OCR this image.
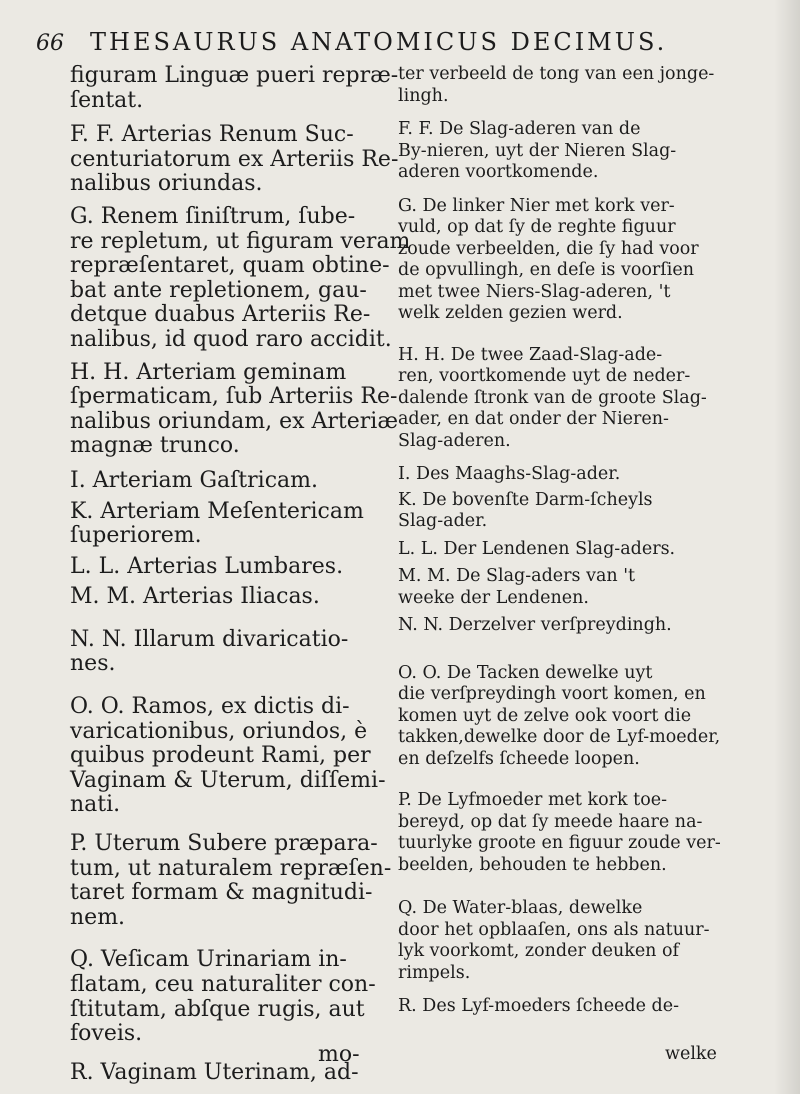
66 THESAURUS ANATOMICUS DECIMUS.
figuram Linguæ pueri repræ-
ſentat.
F. F. Arterias Renum Suc-
centuriatorum ex Arteriis Re-
nalibus oriundas.
G. Renem ſiniſtrum, ſube-
re repletum, ut figuram veram
repræſentaret, quam obtine-
bat ante repletionem, gau-
detque duabus Arteriis Re-
nalibus, id quod raro accidit.
H. H. Arteriam geminam
ſpermaticam, ſub Arteriis Re-
nalibus oriundam, ex Arteriæ
magnæ trunco.
I. Arteriam Gaſtricam.
K. Arteriam Meſentericam
ſuperiorem.
L. L. Arterias Lumbares.
M. M. Arterias Iliacas.
N. N. Illarum divaricatio-
nes.
O. O. Ramos, ex dictis di-
varicationibus, oriundos, è
quibus prodeunt Rami, per
Vaginam & Uterum, diſſemi-
nati.
P. Uterum Subere præpara-
tum, ut naturalem repræſen-
taret formam & magnitudi-
nem.
Q. Veſicam Urinariam in-
flatam, ceu naturaliter con-
ſtitutam, abſque rugis, aut
foveis.
R. Vaginam Uterinam, ad-
ter verbeeld de tong van een jonge-
lingh.
F. F. De Slag-aderen van de
By-nieren, uyt der Nieren Slag-
aderen voortkomende.
G. De linker Nier met kork ver-
vuld, op dat ſy de reghte figuur
zoude verbeelden, die ſy had voor
de opvullingh, en deſe is voorſien
met twee Niers-Slag-aderen, 't
welk zelden gezien werd.
H. H. De twee Zaad-Slag-ade-
ren, voortkomende uyt de neder-
dalende ſtronk van de groote Slag-
ader, en dat onder der Nieren-
Slag-aderen.
I. Des Maaghs-Slag-ader.
K. De bovenſte Darm-ſcheyls
Slag-ader.
L. L. Der Lendenen Slag-aders.
M. M. De Slag-aders van 't
weeke der Lendenen.
N. N. Derzelver verſpreydingh.
O. O. De Tacken dewelke uyt
die verſpreydingh voort komen, en
komen uyt de zelve ook voort die
takken,dewelke door de Lyf-moeder,
en deſzelfs ſcheede loopen.
P. De Lyfmoeder met kork toe-
bereyd, op dat ſy meede haare na-
tuurlyke groote en figuur zoude ver-
beelden, behouden te hebben.
Q. De Water-blaas, dewelke
door het opblaaſen, ons als natuur-
lyk voorkomt, zonder deuken of
rimpels.
R. Des Lyf-moeders ſcheede de-
mo-	welke
